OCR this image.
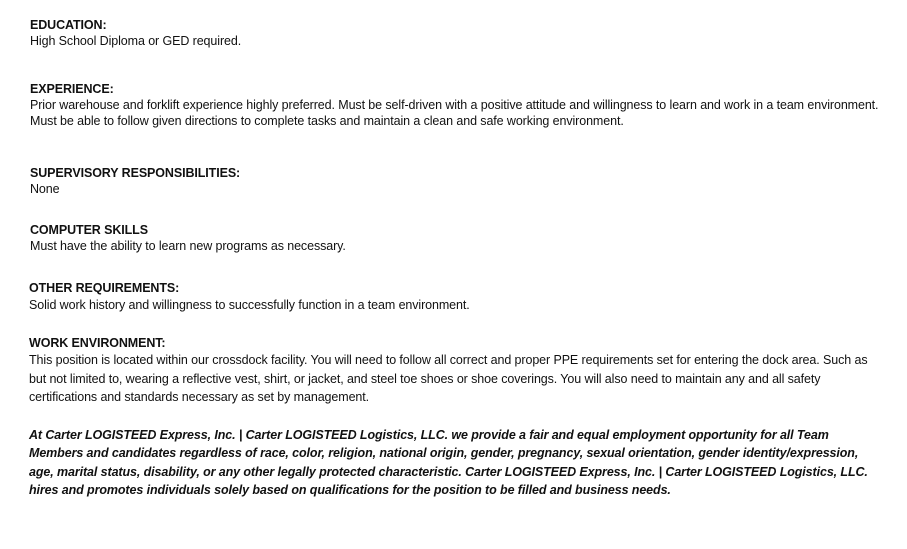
EDUCATION:
High School Diploma or GED required.
EXPERIENCE:
Prior warehouse and forklift experience highly preferred. Must be self-driven with a positive attitude and willingness to learn and work in a team environment. Must be able to follow given directions to complete tasks and maintain a clean and safe working environment.
SUPERVISORY RESPONSIBILITIES:
None
COMPUTER SKILLS
Must have the ability to learn new programs as necessary.
OTHER REQUIREMENTS:
Solid work history and willingness to successfully function in a team environment.
WORK ENVIRONMENT:
This position is located within our crossdock facility. You will need to follow all correct and proper PPE requirements set for entering the dock area. Such as but not limited to, wearing a reflective vest, shirt, or jacket, and steel toe shoes or shoe coverings. You will also need to maintain any and all safety certifications and standards necessary as set by management.
At Carter LOGISTEED Express, Inc. | Carter LOGISTEED Logistics, LLC. we provide a fair and equal employment opportunity for all Team Members and candidates regardless of race, color, religion, national origin, gender, pregnancy, sexual orientation, gender identity/expression, age, marital status, disability, or any other legally protected characteristic. Carter LOGISTEED Express, Inc. | Carter LOGISTEED Logistics, LLC. hires and promotes individuals solely based on qualifications for the position to be filled and business needs.
